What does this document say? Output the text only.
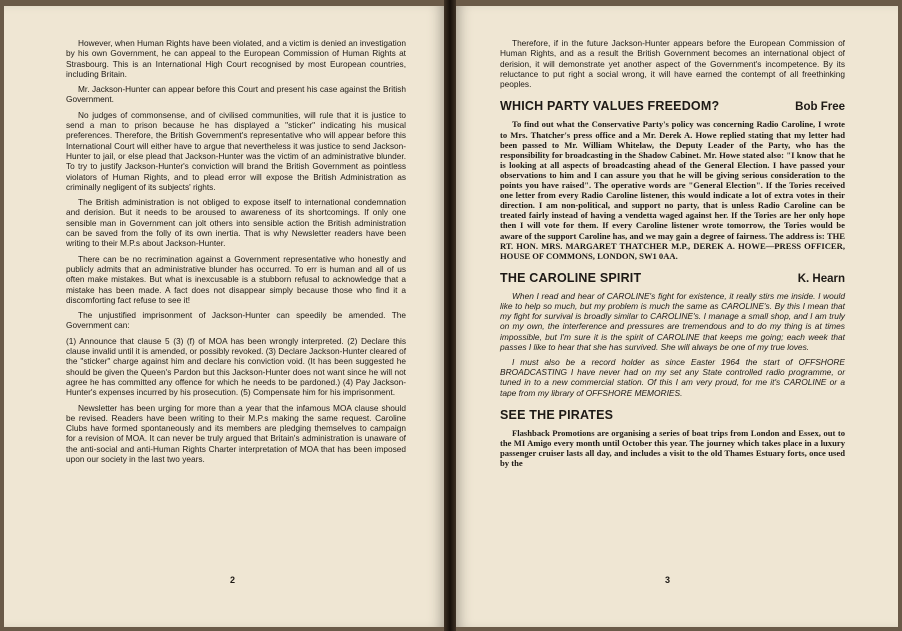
However, when Human Rights have been violated, and a victim is denied an investigation by his own Government, he can appeal to the European Commission of Human Rights at Strasbourg. This is an International High Court recognised by most European countries, including Britain.

Mr. Jackson-Hunter can appear before this Court and present his case against the British Government.

No judges of commonsense, and of civilised communities, will rule that it is justice to send a man to prison because he has displayed a "sticker" indicating his musical preferences. Therefore, the British Government's representative who will appear before this International Court will either have to argue that nevertheless it was justice to send Jackson-Hunter to jail, or else plead that Jackson-Hunter was the victim of an administrative blunder. To try to justify Jackson-Hunter's conviction will brand the British Government as pointless violators of Human Rights, and to plead error will expose the British Administration as criminally negligent of its subjects' rights.

The British administration is not obliged to expose itself to international condemnation and derision. But it needs to be aroused to awareness of its shortcomings. If only one sensible man in Government can jolt others into sensible action the British administration can be saved from the folly of its own inertia. That is why Newsletter readers have been writing to their M.P.s about Jackson-Hunter.

There can be no recrimination against a Government representative who honestly and publicly admits that an administrative blunder has occurred. To err is human and all of us often make mistakes. But what is inexcusable is a stubborn refusal to acknowledge that a mistake has been made. A fact does not disappear simply because those who find it a discomforting fact refuse to see it!

The unjustified imprisonment of Jackson-Hunter can speedily be amended. The Government can:

(1) Announce that clause 5 (3) (f) of MOA has been wrongly interpreted. (2) Declare this clause invalid until it is amended, or possibly revoked. (3) Declare Jackson-Hunter cleared of the "sticker" charge against him and declare his conviction void. (It has been suggested he should be given the Queen's Pardon but this Jackson-Hunter does not want since he will not agree he has committed any offence for which he needs to be pardoned.) (4) Pay Jackson-Hunter's expenses incurred by his prosecution. (5) Compensate him for his imprisonment.

Newsletter has been urging for more than a year that the infamous MOA clause should be revised. Readers have been writing to their M.P.s making the same request. Caroline Clubs have formed spontaneously and its members are pledging themselves to campaign for a revision of MOA. It can never be truly argued that Britain's administration is unaware of the anti-social and anti-Human Rights Charter interpretation of MOA that has been imposed upon our society in the last two years.

2

Therefore, if in the future Jackson-Hunter appears before the European Commission of Human Rights, and as a result the British Government becomes an international object of derision, it will demonstrate yet another aspect of the Government's incompetence. By its reluctance to put right a social wrong, it will have earned the contempt of all freethinking peoples.

WHICH PARTY VALUES FREEDOM?	Bob Free

To find out what the Conservative Party's policy was concerning Radio Caroline, I wrote to Mrs. Thatcher's press office and a Mr. Derek A. Howe replied stating that my letter had been passed to Mr. William Whitelaw, the Deputy Leader of the Party, who has the responsibility for broadcasting in the Shadow Cabinet. Mr. Howe stated also: "I know that he is looking at all aspects of broadcasting ahead of the General Election. I have passed your observations to him and I can assure you that he will be giving serious consideration to the points you have raised". The operative words are "General Election". If the Tories received one letter from every Radio Caroline listener, this would indicate a lot of extra votes in their direction. I am non-political, and support no party, that is unless Radio Caroline can be treated fairly instead of having a vendetta waged against her. If the Tories are her only hope then I will vote for them. If every Caroline listener wrote tomorrow, the Tories would be aware of the support Caroline has, and we may gain a degree of fairness. The address is: THE RT. HON. MRS. MARGARET THATCHER M.P., DEREK A. HOWE—PRESS OFFICER, HOUSE OF COMMONS, LONDON, SW1 0AA.

THE CAROLINE SPIRIT	K. Hearn

When I read and hear of CAROLINE's fight for existence, it really stirs me inside. I would like to help so much, but my problem is much the same as CAROLINE's. By this I mean that my fight for survival is broadly similar to CAROLINE's. I manage a small shop, and I am truly on my own, the interference and pressures are tremendous and to do my thing is at times impossible, but I'm sure it is the spirit of CAROLINE that keeps me going; each week that passes I like to hear that she has survived. She will always be one of my true loves.

I must also be a record holder as since Easter 1964 the start of OFFSHORE BROADCASTING I have never had on my set any State controlled radio programme, or tuned in to a new commercial station. Of this I am very proud, for me it's CAROLINE or a tape from my library of OFFSHORE MEMORIES.

SEE THE PIRATES

Flashback Promotions are organising a series of boat trips from London and Essex, out to the MI Amigo every month until October this year. The journey which takes place in a luxury passenger cruiser lasts all day, and includes a visit to the old Thames Estuary forts, once used by the

3
